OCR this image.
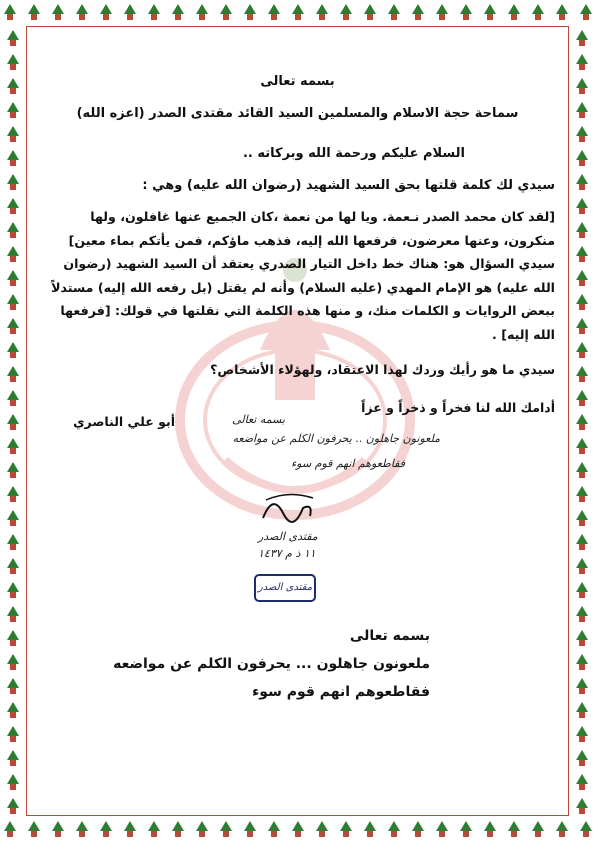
بسمه تعالى
سماحة حجة الاسلام والمسلمين السيد القائد مقتدى الصدر (اعزه الله)
السلام عليكم ورحمة الله وبركاته ..
سيدي لك كلمة قلتها بحق السيد الشهيد (رضوان الله عليه) وهي :
[لقد كان محمد الصدر نـعمة. ويا لها من نعمة ،كان الجميع عنها غافلون، ولها
منكرون، وعنها معرضون، فرفعها الله إليه، فذهب ماؤكم، فمن يأتكم بماء معين]
سيدي السؤال هو: هناك خط داخل التيار الصدري يعتقد أن السيد الشهيد (رضوان
الله عليه) هو الإمام المهدي (عليه السلام) وأنه لم يقتل (بل رفعه الله إليه) مستدلاً
ببعض الروايات و الكلمات منك، و منها هذه الكلمة التي نقلتها في قولك: [فرفعها
الله إليه] .
سيدي ما هو رأيك وردك لهذا الاعتقاد، ولهؤلاء الأشخاص؟
أدامك الله لنا فخراً و ذخراً و عزاً
أبو علي الناصري	بسمه تعالى
ملعونون جاهلون .. يحرفون الكلم عن مواضعه
فقاطعوهم انهم قوم سوء
مقتدى الصدر
١١ ذ م ١٤٣٧
مقتدى الصدر
بسمه تعالى
ملعونون جاهلون ... يحرفون الكلم عن مواضعه
فقاطعوهم انهم قوم سوء
